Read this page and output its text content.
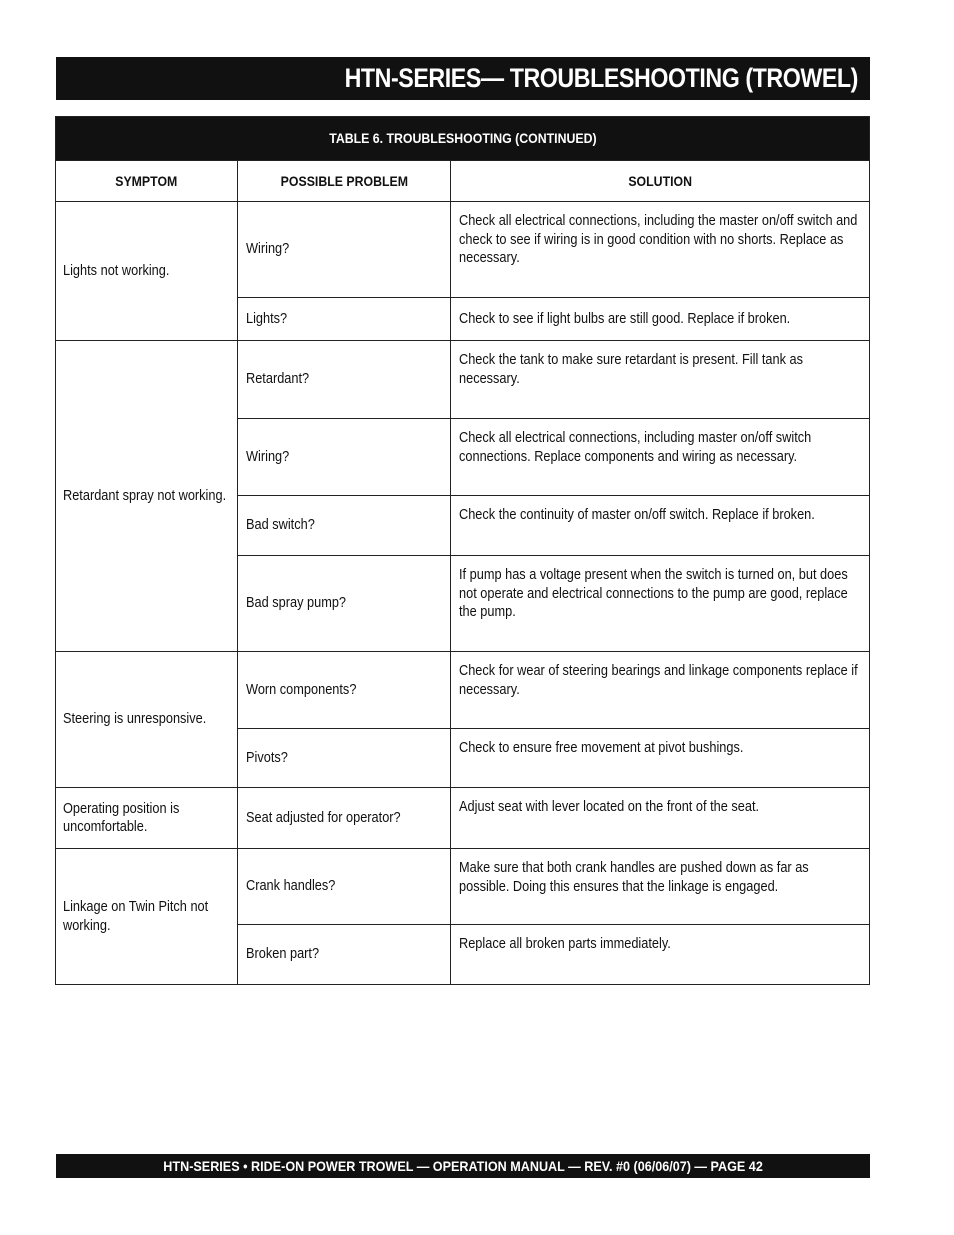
HTN-SERIES— TROUBLESHOOTING (TROWEL)
TABLE 6. TROUBLESHOOTING (CONTINUED)		
SYMPTOM	POSSIBLE PROBLEM	SOLUTION

Lights not working.	Wiring?	Check all electrical connections, including the master on/off switch and check to see if wiring is in good condition with no shorts. Replace as necessary.

	Lights?	Check to see if light bulbs are still good. Replace if broken.

Retardant spray not working.	Retardant?	Check the tank to make sure retardant is present. Fill tank as necessary.

	Wiring?	Check all electrical connections, including master on/off switch connections. Replace components and wiring as necessary.

	Bad switch?	Check the continuity of master on/off switch. Replace if broken.

	Bad spray pump?	If pump has a voltage present when the switch is turned on, but does not operate and electrical connections to the pump are good, replace the pump.

Steering is unresponsive.	Worn components?	Check for wear of steering bearings and linkage components replace if necessary.

	Pivots?	Check to ensure free movement at pivot bushings.

Operating position is uncomfortable.	Seat adjusted for operator?	Adjust seat with lever located on the front of the seat.

Linkage on Twin Pitch not working.	Crank handles?	Make sure that both crank handles are pushed down as far as possible. Doing this ensures that the linkage is engaged.

	Broken part?	Replace all broken parts immediately.
HTN-SERIES • RIDE-ON POWER TROWEL — OPERATION MANUAL — REV. #0 (06/06/07) — PAGE 42
